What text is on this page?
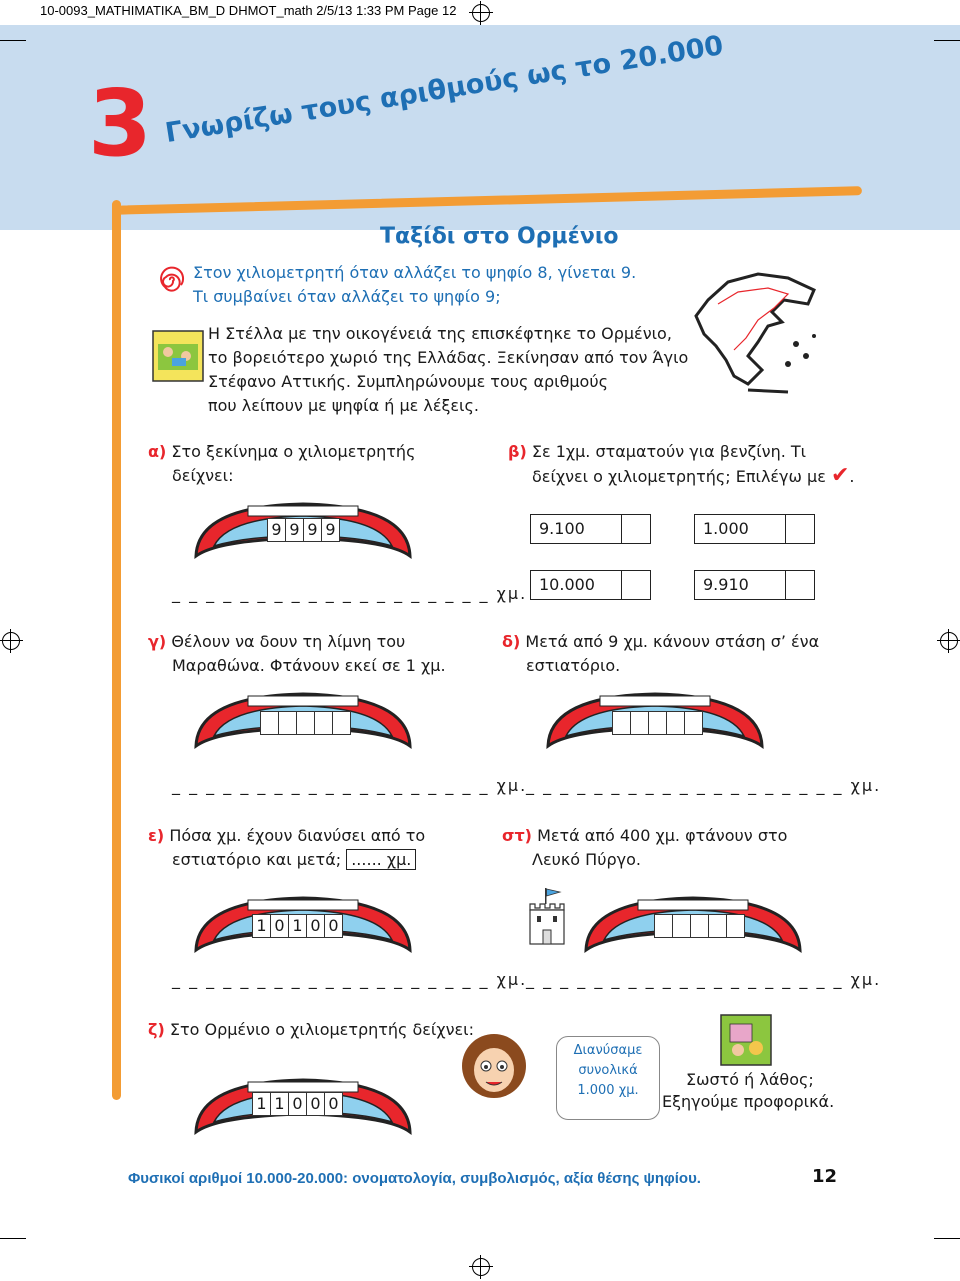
10-0093_MATHIMATIKA_BM_D DHMOT_math 2/5/13 1:33 PM Page 12
3 Γνωρίζω τους αριθμούς ως το 20.000
Ταξίδι στο Ορμένιο
Στον χιλιομετρητή όταν αλλάζει το ψηφίο 8, γίνεται 9.
Τι συμβαίνει όταν αλλάζει το ψηφίο 9;
Η Στέλλα με την οικογένειά της επισκέφτηκε το Ορμένιο,
το βορειότερο χωριό της Ελλάδας. Ξεκίνησαν από τον Άγιο
Στέφανο Αττικής. Συμπληρώνουμε τους αριθμούς
που λείπουν με ψηφία ή με λέξεις.
α) Στο ξεκίνημα ο χιλιομετρητής
δείχνει:
9 9 9 9
_ _ _ _ _ _ _ _ _ _ _ _ _ _ _ _ _ _ _ χμ.
β) Σε 1χμ. σταματούν για βενζίνη. Τι
δείχνει ο χιλιομετρητής; Επιλέγω με ✔.
9.100	1.000
10.000	9.910
γ) Θέλουν να δουν τη λίμνη του
Μαραθώνα. Φτάνουν εκεί σε 1 χμ.
_ _ _ _ _ _ _ _ _ _ _ _ _ _ _ _ _ _ _ χμ.
δ) Μετά από 9 χμ. κάνουν στάση σ’ ένα
εστιατόριο.
_ _ _ _ _ _ _ _ _ _ _ _ _ _ _ _ _ _ _ χμ.
ε) Πόσα χμ. έχουν διανύσει από το
εστιατόριο και μετά; ...... χμ.
1 0 1 0 0
_ _ _ _ _ _ _ _ _ _ _ _ _ _ _ _ _ _ _ χμ.
στ) Μετά από 400 χμ. φτάνουν στο
Λευκό Πύργο.
_ _ _ _ _ _ _ _ _ _ _ _ _ _ _ _ _ _ _ χμ.
ζ) Στο Ορμένιο ο χιλιομετρητής δείχνει:
1 1 0 0 0
Διανύσαμε
συνολικά
1.000 χμ.
Σωστό ή λάθος;
Εξηγούμε προφορικά.
Φυσικοί αριθμοί 10.000-20.000: ονοματολογία, συμβολισμός, αξία θέσης ψηφίου.	12
